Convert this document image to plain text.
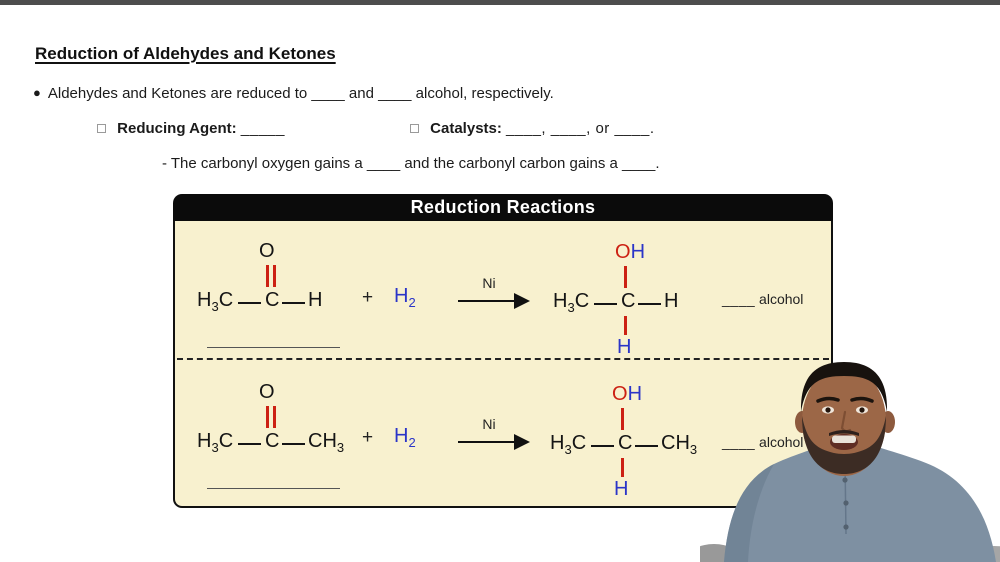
Reduction of Aldehydes and Ketones
● Aldehydes and Ketones are reduced to ____ and ____ alcohol, respectively.
Reducing Agent: _____	Catalysts: ____, ____, or ____.
- The carbonyl oxygen gains a ____ and the carbonyl carbon gains a ____.
Reduction Reactions
O
$H_3C$ C $H + H_2$
Ni
OH
$H_3C$ C H
H
____ alcohol
O
$H_3C$ C $CH_3 + H_2$
Ni
OH
$H_3C$ C $CH_3$
H
____ alcohol
